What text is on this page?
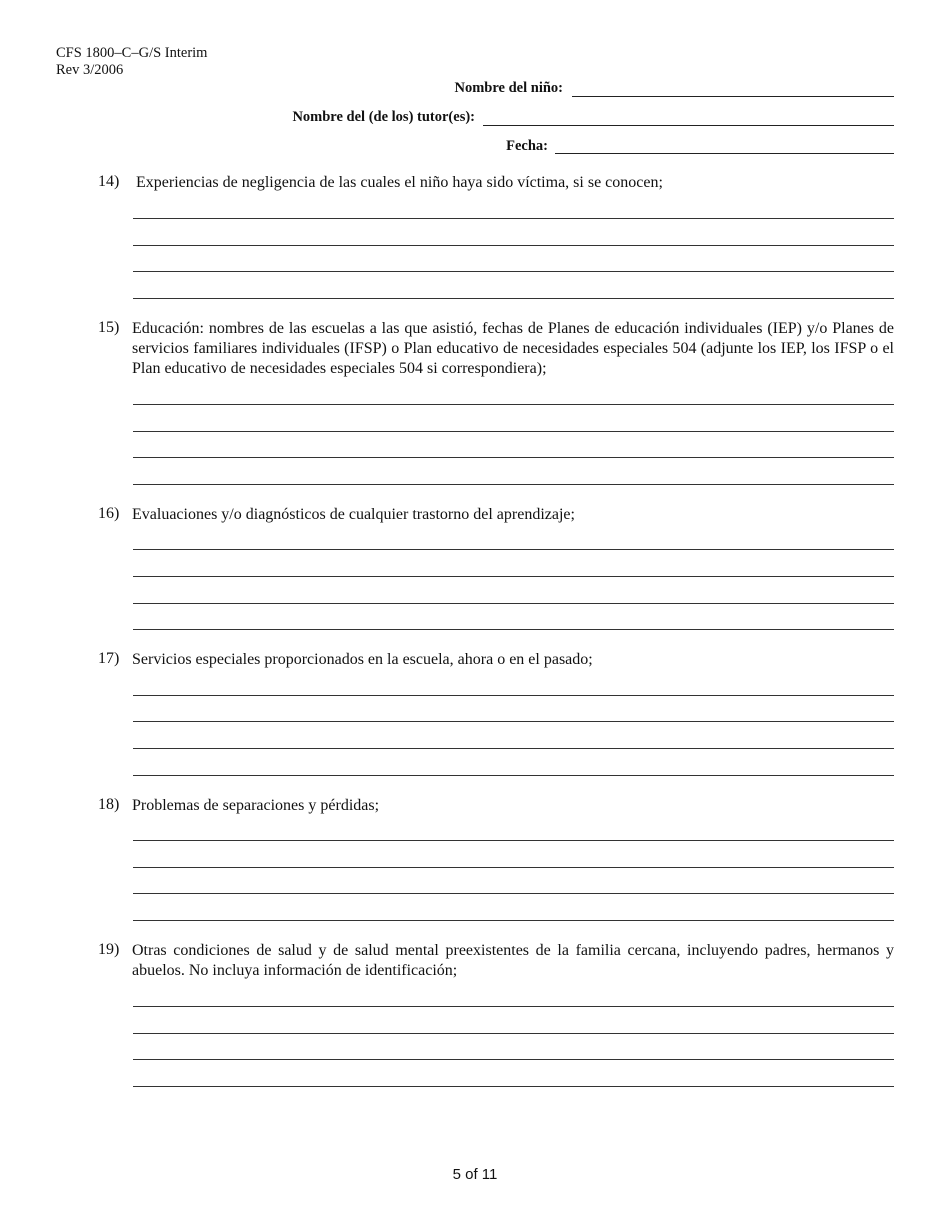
CFS 1800–C–G/S Interim
Rev 3/2006
Nombre del niño:
Nombre del (de los) tutor(es):
Fecha:
14) Experiencias de negligencia de las cuales el niño haya sido víctima, si se conocen;
15) Educación: nombres de las escuelas a las que asistió, fechas de Planes de educación individuales (IEP) y/o Planes de servicios familiares individuales (IFSP) o Plan educativo de necesidades especiales 504 (adjunte los IEP, los IFSP o el Plan educativo de necesidades especiales 504 si correspondiera);
16) Evaluaciones y/o diagnósticos de cualquier trastorno del aprendizaje;
17) Servicios especiales proporcionados en la escuela, ahora o en el pasado;
18) Problemas de separaciones y pérdidas;
19) Otras condiciones de salud y de salud mental preexistentes de la familia cercana, incluyendo padres, hermanos y abuelos. No incluya información de identificación;
5 of 11
